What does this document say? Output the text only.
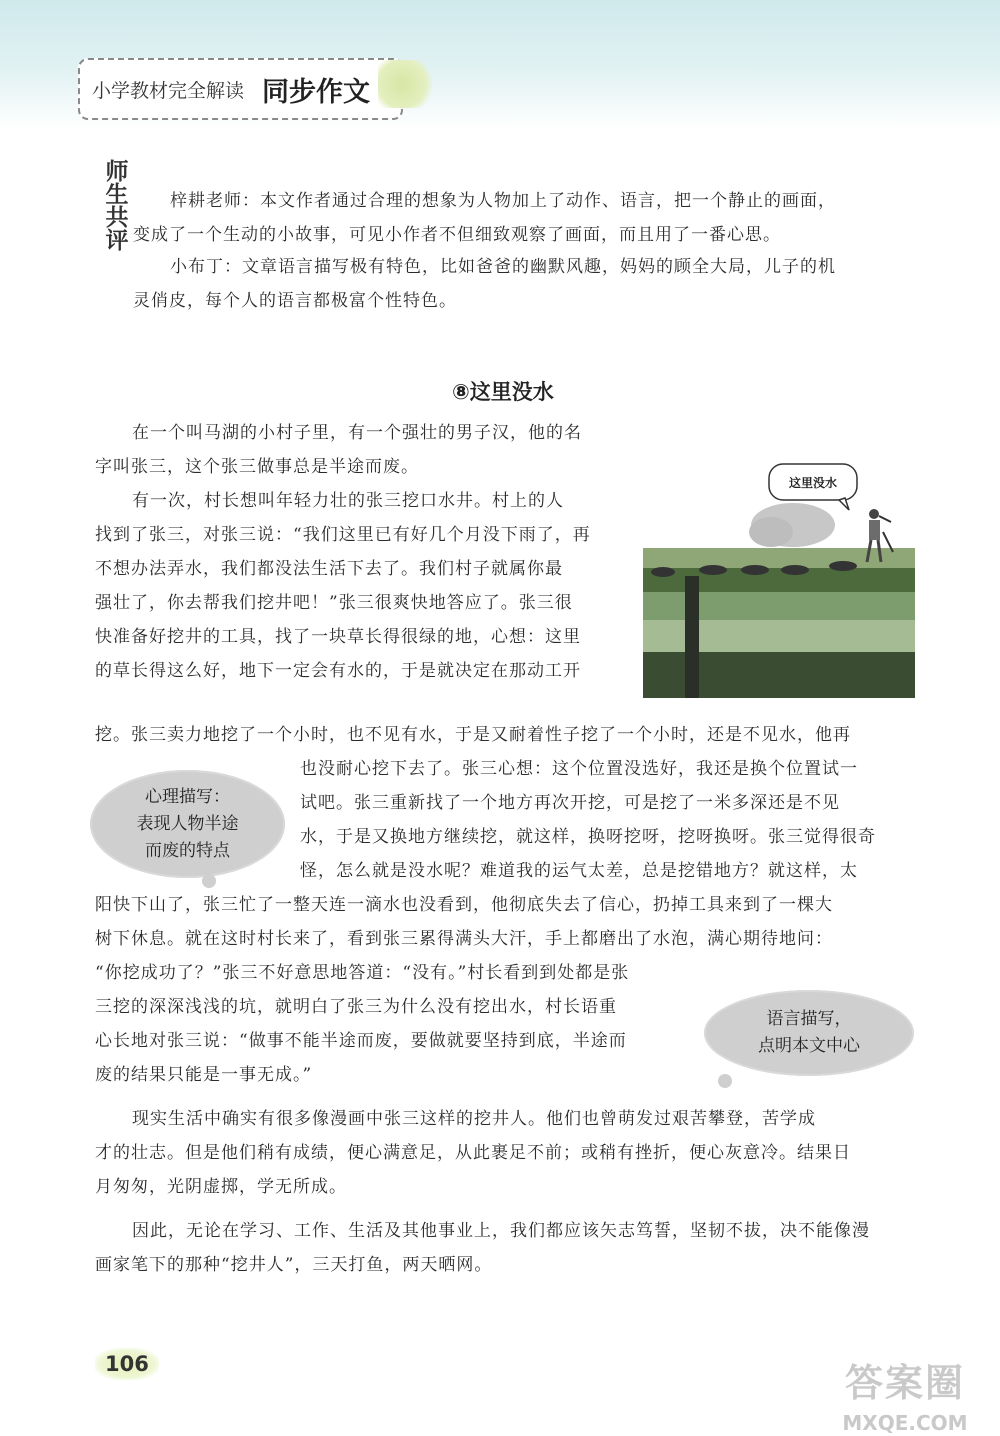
小学教材完全解读 同步作文
师生共评

梓耕老师：本文作者通过合理的想象为人物加上了动作、语言，把一个静止的画面，

变成了一个生动的小故事，可见小作者不但细致观察了画面，而且用了一番心思。

小布丁：文章语言描写极有特色，比如爸爸的幽默风趣，妈妈的顾全大局，儿子的机

灵俏皮，每个人的语言都极富个性特色。

⑧这里没水
这里没水

在一个叫马湖的小村子里，有一个强壮的男子汉，他的名

字叫张三，这个张三做事总是半途而废。

有一次，村长想叫年轻力壮的张三挖口水井。村上的人

找到了张三，对张三说：“我们这里已有好几个月没下雨了，再

不想办法弄水，我们都没法生活下去了。我们村子就属你最

强壮了，你去帮我们挖井吧！”张三很爽快地答应了。张三很

快准备好挖井的工具，找了一块草长得很绿的地，心想：这里

的草长得这么好，地下一定会有水的，于是就决定在那动工开

挖。张三卖力地挖了一个小时，也不见有水，于是又耐着性子挖了一个小时，还是不见水，他再

也没耐心挖下去了。张三心想：这个位置没选好，我还是换个位置试一

试吧。张三重新找了一个地方再次开挖，可是挖了一米多深还是不见

水，于是又换地方继续挖，就这样，换呀挖呀，挖呀换呀。张三觉得很奇

怪，怎么就是没水呢？难道我的运气太差，总是挖错地方？就这样，太

阳快下山了，张三忙了一整天连一滴水也没看到，他彻底失去了信心，扔掉工具来到了一棵大

树下休息。就在这时村长来了，看到张三累得满头大汗，手上都磨出了水泡，满心期待地问：

“你挖成功了？”张三不好意思地答道：“没有。”村长看到到处都是张

三挖的深深浅浅的坑，就明白了张三为什么没有挖出水，村长语重

心长地对张三说：“做事不能半途而废，要做就要坚持到底，半途而

废的结果只能是一事无成。”

现实生活中确实有很多像漫画中张三这样的挖井人。他们也曾萌发过艰苦攀登，苦学成

才的壮志。但是他们稍有成绩，便心满意足，从此裹足不前；或稍有挫折，便心灰意冷。结果日

月匆匆，光阴虚掷，学无所成。

因此，无论在学习、工作、生活及其他事业上，我们都应该矢志笃誓，坚韧不拔，决不能像漫

画家笔下的那种“挖井人”，三天打鱼，两天晒网。

心理描写：
表现人物半途
而废的特点
语言描写，
点明本文中心
106	答案圈
MXQE.COM
